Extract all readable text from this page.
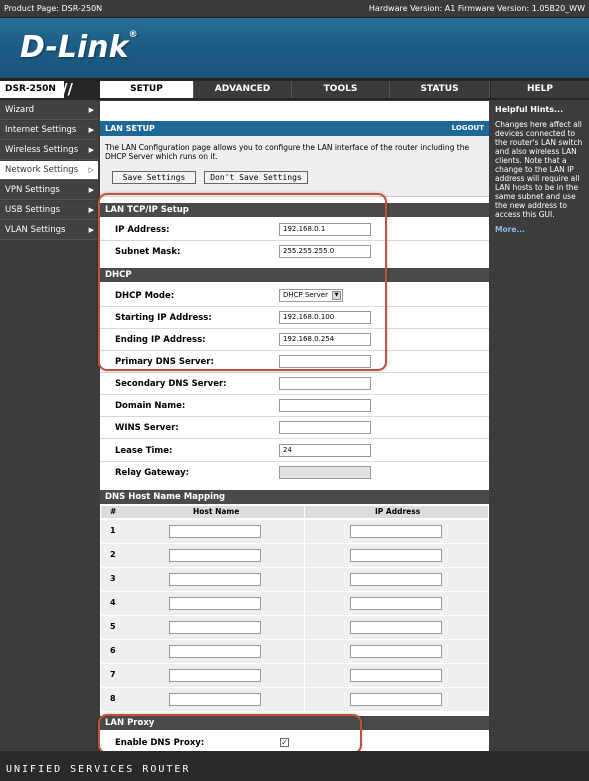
Product Page: DSR-250N	Hardware Version: A1 Firmware Version: 1.05B20_WW
D-Link®
DSR-250N //	SETUP	ADVANCED	TOOLS	STATUS	HELP
Wizard	▶
Internet Settings ▶
Wireless Settings ▶
Network Settings ▷
VPN Settings	▶
USB Settings	▶
VLAN Settings	▶
Helpful Hints...
Changes here affect all devices connected to the router's LAN switch and also wireless LAN clients. Note that a change to the LAN IP address will require all LAN hosts to be in the same subnet and use the new address to access this GUI.
More...
LAN SETUP	LOGOUT
The LAN Configuration page allows you to configure the LAN interface of the router including the DHCP Server which runs on it.
Save Settings	Don't Save Settings
LAN TCP/IP Setup
IP Address:	192.168.0.1
Subnet Mask:	255.255.255.0
DHCP
DHCP Mode:	DHCP Server	▼
Starting IP Address:	192.168.0.100
Ending IP Address:	192.168.0.254
Primary DNS Server:
Secondary DNS Server:
Domain Name:
WINS Server:
Lease Time:	24
Relay Gateway:
DNS Host Name Mapping
#	Host Name	IP Address
1
2
3
4
5
6
7
8
LAN Proxy
Enable DNS Proxy:	✓
UNIFIED SERVICES ROUTER
